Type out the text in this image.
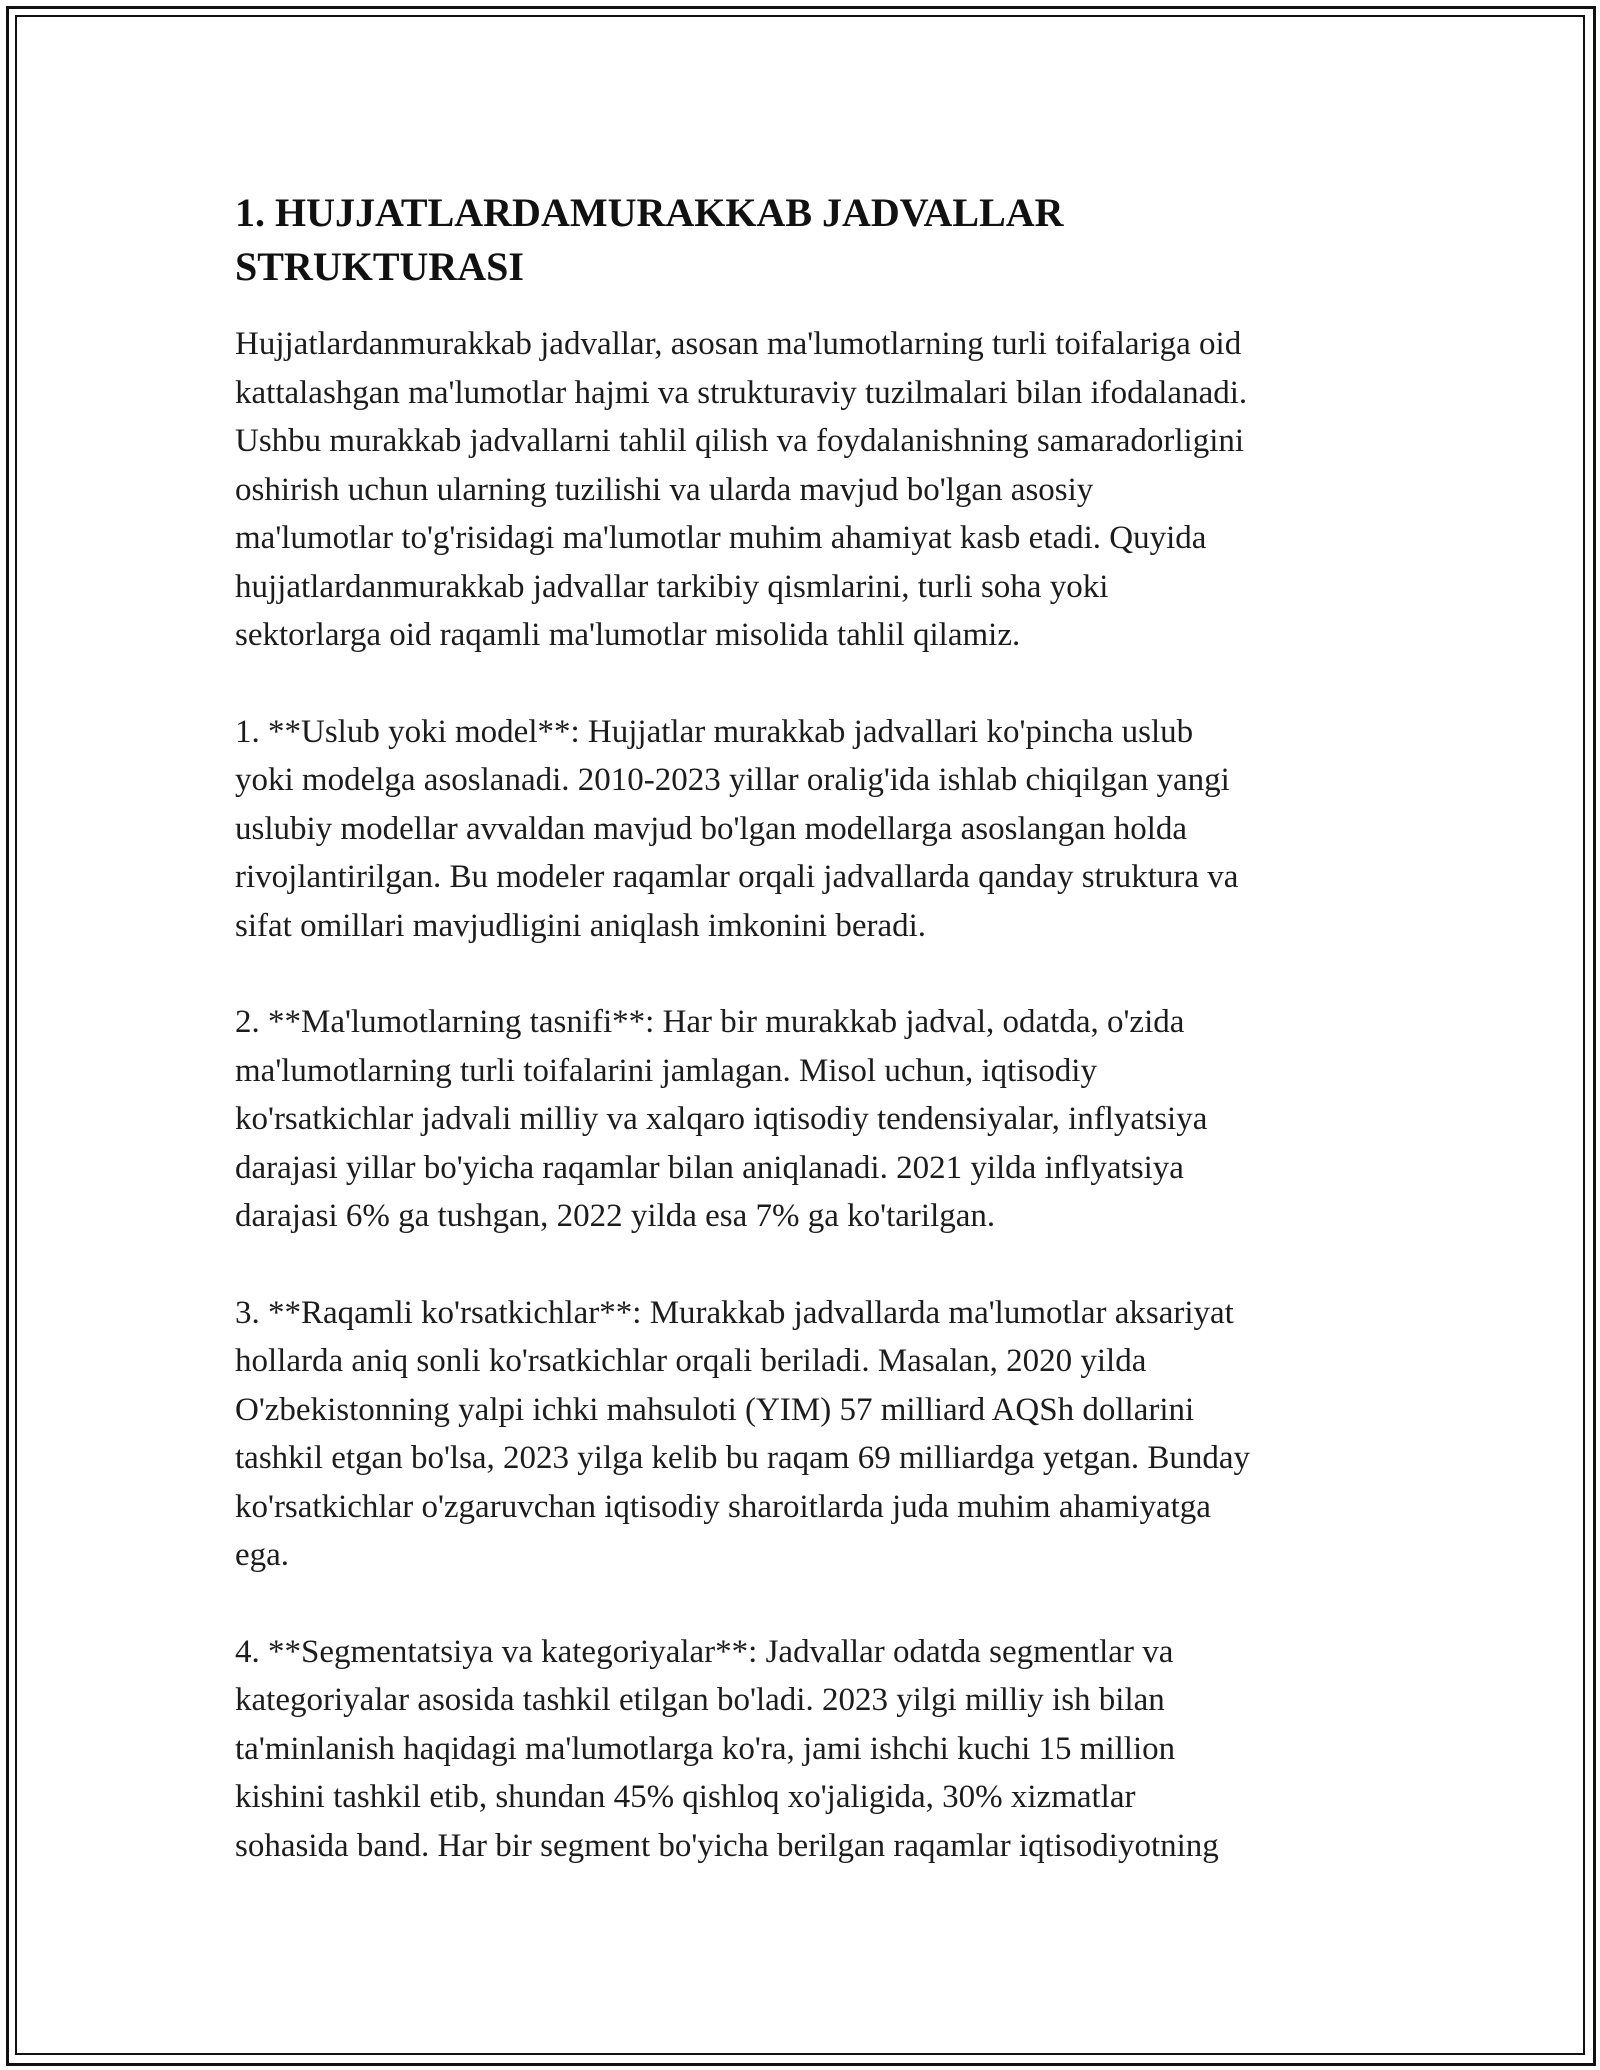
1. HUJJATLARDAMURAKKAB JADVALLAR
STRUKTURASI

Hujjatlardanmurakkab jadvallar, asosan ma'lumotlarning turli toifalariga oid
kattalashgan ma'lumotlar hajmi va strukturaviy tuzilmalari bilan ifodalanadi.
Ushbu murakkab jadvallarni tahlil qilish va foydalanishning samaradorligini
oshirish uchun ularning tuzilishi va ularda mavjud bo'lgan asosiy
ma'lumotlar to'g'risidagi ma'lumotlar muhim ahamiyat kasb etadi. Quyida
hujjatlardanmurakkab jadvallar tarkibiy qismlarini, turli soha yoki
sektorlarga oid raqamli ma'lumotlar misolida tahlil qilamiz.

1. **Uslub yoki model**: Hujjatlar murakkab jadvallari ko'pincha uslub
yoki modelga asoslanadi. 2010-2023 yillar oralig'ida ishlab chiqilgan yangi
uslubiy modellar avvaldan mavjud bo'lgan modellarga asoslangan holda
rivojlantirilgan. Bu modeler raqamlar orqali jadvallarda qanday struktura va
sifat omillari mavjudligini aniqlash imkonini beradi.

2. **Ma'lumotlarning tasnifi**: Har bir murakkab jadval, odatda, o'zida
ma'lumotlarning turli toifalarini jamlagan. Misol uchun, iqtisodiy
ko'rsatkichlar jadvali milliy va xalqaro iqtisodiy tendensiyalar, inflyatsiya
darajasi yillar bo'yicha raqamlar bilan aniqlanadi. 2021 yilda inflyatsiya
darajasi 6% ga tushgan, 2022 yilda esa 7% ga ko'tarilgan.

3. **Raqamli ko'rsatkichlar**: Murakkab jadvallarda ma'lumotlar aksariyat
hollarda aniq sonli ko'rsatkichlar orqali beriladi. Masalan, 2020 yilda
O'zbekistonning yalpi ichki mahsuloti (YIM) 57 milliard AQSh dollarini
tashkil etgan bo'lsa, 2023 yilga kelib bu raqam 69 milliardga yetgan. Bunday
ko'rsatkichlar o'zgaruvchan iqtisodiy sharoitlarda juda muhim ahamiyatga
ega.

4. **Segmentatsiya va kategoriyalar**: Jadvallar odatda segmentlar va
kategoriyalar asosida tashkil etilgan bo'ladi. 2023 yilgi milliy ish bilan
ta'minlanish haqidagi ma'lumotlarga ko'ra, jami ishchi kuchi 15 million
kishini tashkil etib, shundan 45% qishloq xo'jaligida, 30% xizmatlar
sohasida band. Har bir segment bo'yicha berilgan raqamlar iqtisodiyotning
